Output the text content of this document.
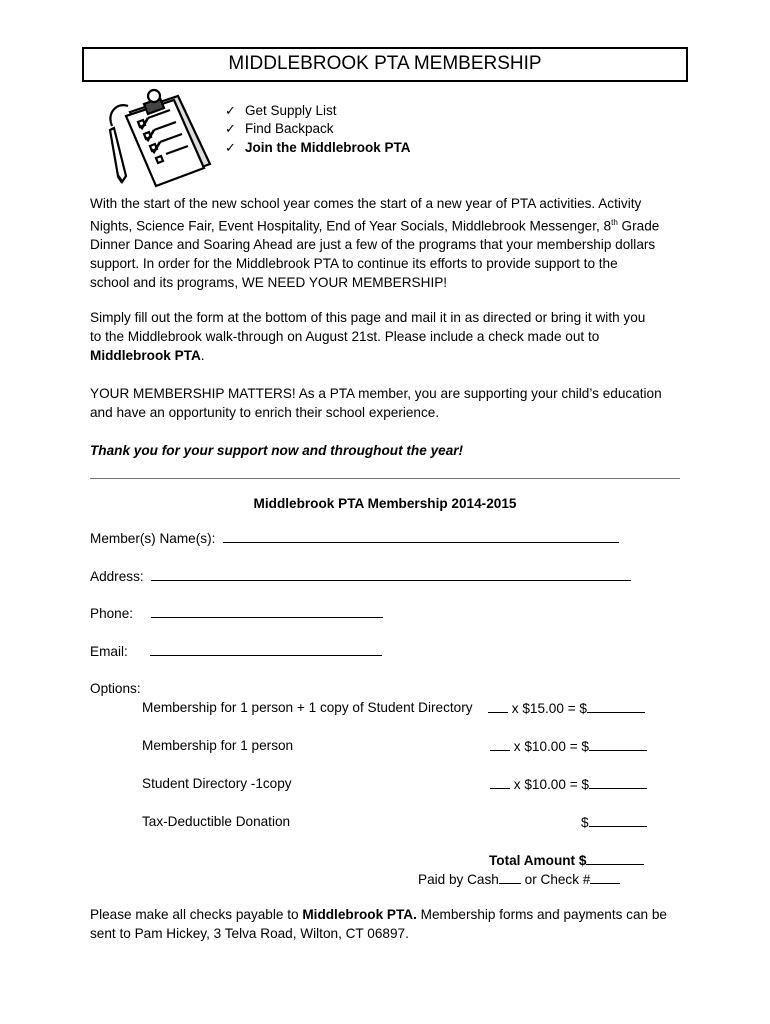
MIDDLEBROOK PTA MEMBERSHIP
✓ Get Supply List
✓ Find Backpack
✓ Join the Middlebrook PTA
With the start of the new school year comes the start of a new year of PTA activities. Activity
Nights, Science Fair, Event Hospitality, End of Year Socials, Middlebrook Messenger, 8th Grade
Dinner Dance and Soaring Ahead are just a few of the programs that your membership dollars
support. In order for the Middlebrook PTA to continue its efforts to provide support to the
school and its programs, WE NEED YOUR MEMBERSHIP!
Simply fill out the form at the bottom of this page and mail it in as directed or bring it with you
to the Middlebrook walk-through on August 21st. Please include a check made out to
Middlebrook PTA.
YOUR MEMBERSHIP MATTERS! As a PTA member, you are supporting your child’s education
and have an opportunity to enrich their school experience.
Thank you for your support now and throughout the year!
Middlebrook PTA Membership 2014-2015
Member(s) Name(s):
Address:
Phone:
Email:
Options:
Membership for 1 person + 1 copy of Student Directory	x $15.00 = $
Membership for 1 person	x $10.00 = $
Student Directory -1copy	x $10.00 = $
Tax-Deductible Donation	$
Total Amount $
Paid by Cash or Check #
Please make all checks payable to Middlebrook PTA. Membership forms and payments can be
sent to Pam Hickey, 3 Telva Road, Wilton, CT 06897.
